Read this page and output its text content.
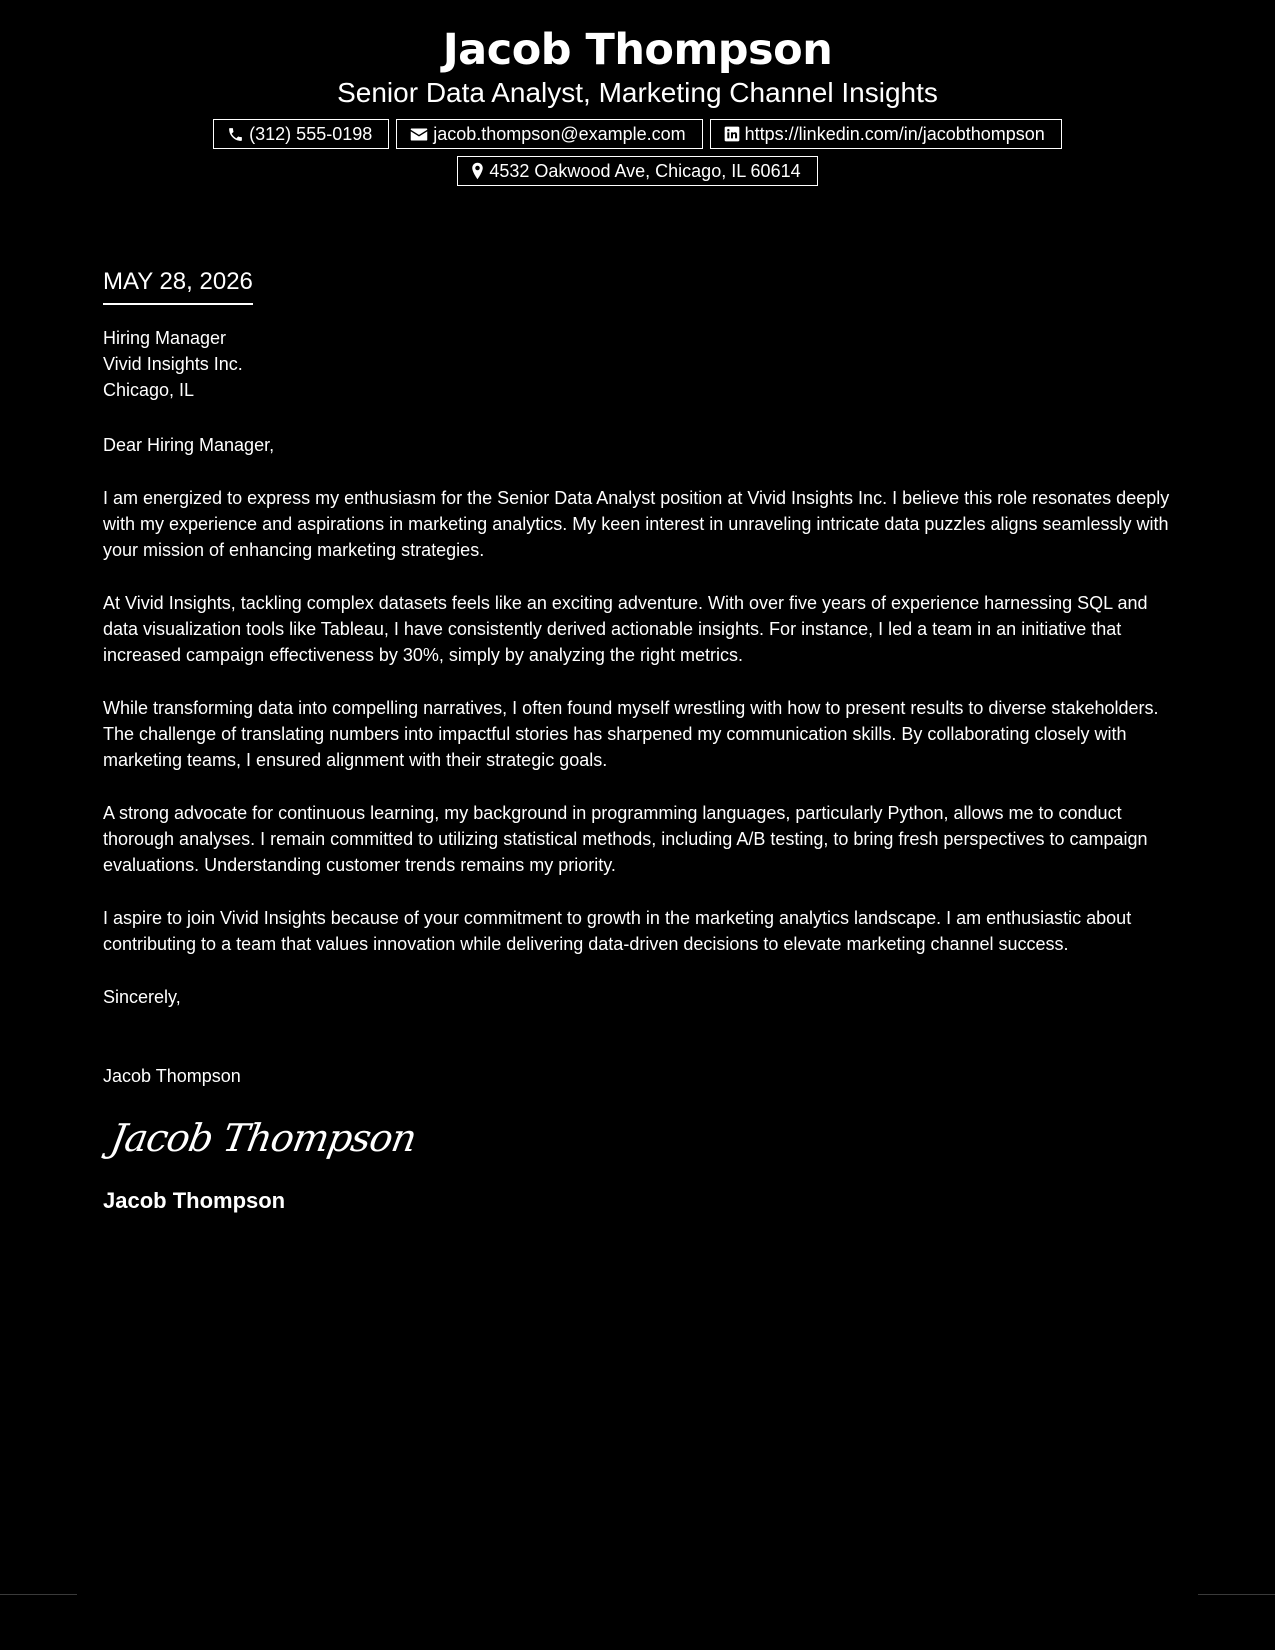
Jacob Thompson
Senior Data Analyst, Marketing Channel Insights
(312) 555-0198	jacob.thompson@example.com	https://linkedin.com/in/jacobthompson
4532 Oakwood Ave, Chicago, IL 60614
MAY 28, 2026
Hiring Manager
Vivid Insights Inc.
Chicago, IL
Dear Hiring Manager,

I am energized to express my enthusiasm for the Senior Data Analyst position at Vivid Insights Inc. I believe this role resonates deeply with my experience and aspirations in marketing analytics. My keen interest in unraveling intricate data puzzles aligns seamlessly with your mission of enhancing marketing strategies.

At Vivid Insights, tackling complex datasets feels like an exciting adventure. With over five years of experience harnessing SQL and data visualization tools like Tableau, I have consistently derived actionable insights. For instance, I led a team in an initiative that increased campaign effectiveness by 30%, simply by analyzing the right metrics.

While transforming data into compelling narratives, I often found myself wrestling with how to present results to diverse stakeholders. The challenge of translating numbers into impactful stories has sharpened my communication skills. By collaborating closely with marketing teams, I ensured alignment with their strategic goals.

A strong advocate for continuous learning, my background in programming languages, particularly Python, allows me to conduct thorough analyses. I remain committed to utilizing statistical methods, including A/B testing, to bring fresh perspectives to campaign evaluations. Understanding customer trends remains my priority.

I aspire to join Vivid Insights because of your commitment to growth in the marketing analytics landscape. I am enthusiastic about contributing to a team that values innovation while delivering data-driven decisions to elevate marketing channel success.

Sincerely,
Jacob Thompson
Jacob Thompson
Jacob Thompson
